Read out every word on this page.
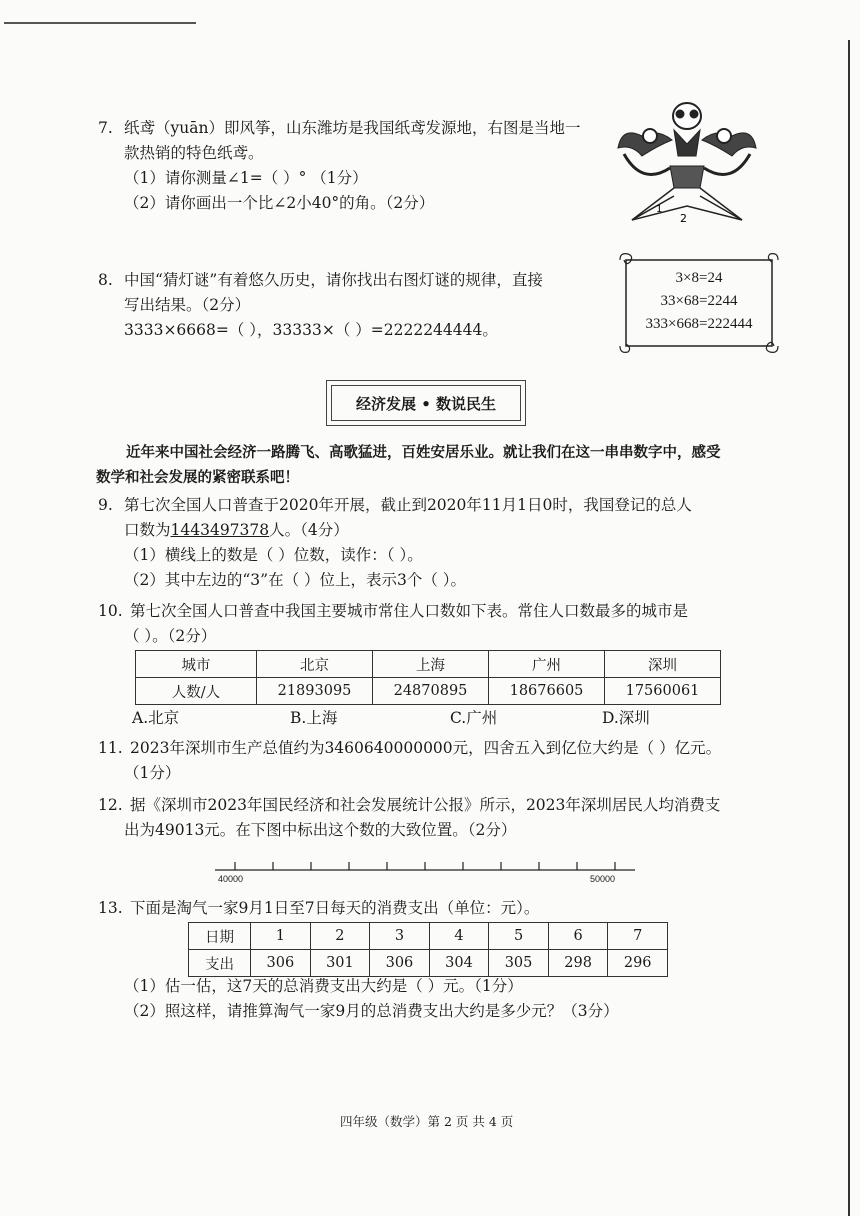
7. 纸鸢（yuān）即风筝，山东潍坊是我国纸鸢发源地，右图是当地一
款热销的特色纸鸢。
（1）请你测量∠1=（ ）° （1分）
（2）请你画出一个比∠2小40°的角。（2分）	1
2
8. 中国“猜灯谜”有着悠久历史，请你找出右图灯谜的规律，直接
写出结果。（2分）
3333×6668=（ ），33333×（ ）=2222244444。
3×8=24
33×68=2244
333×668=222444
经济发展 • 数说民生
近年来中国社会经济一路腾飞、高歌猛进，百姓安居乐业。就让我们在这一串串数字中，感受
数学和社会发展的紧密联系吧！
9. 第七次全国人口普查于2020年开展，截止到2020年11月1日0时，我国登记的总人
口数为1443497378人。（4分）
（1）横线上的数是（ ）位数，读作：（ ）。
（2）其中左边的“3”在（ ）位上，表示3个（ ）。
10. 第七次全国人口普查中我国主要城市常住人口数如下表。常住人口数最多的城市是
（ ）。（2分）
城市	北京	上海	广州	深圳
人数/人	21893095	24870895	18676605	17560061
A.北京	B.上海	C.广州	D.深圳
11. 2023年深圳市生产总值约为3460640000000元，四舍五入到亿位大约是（ ）亿元。
（1分）
12. 据《深圳市2023年国民经济和社会发展统计公报》所示，2023年深圳居民人均消费支
出为49013元。在下图中标出这个数的大致位置。（2分）
40000	50000
13. 下面是淘气一家9月1日至7日每天的消费支出（单位：元）。
日期	1	2	3	4	5	6	7
支出	306	301	306	304	305	298	296
（1）估一估，这7天的总消费支出大约是（ ）元。（1分）
（2）照这样，请推算淘气一家9月的总消费支出大约是多少元？（3分）
四年级（数学）第 2 页 共 4 页
